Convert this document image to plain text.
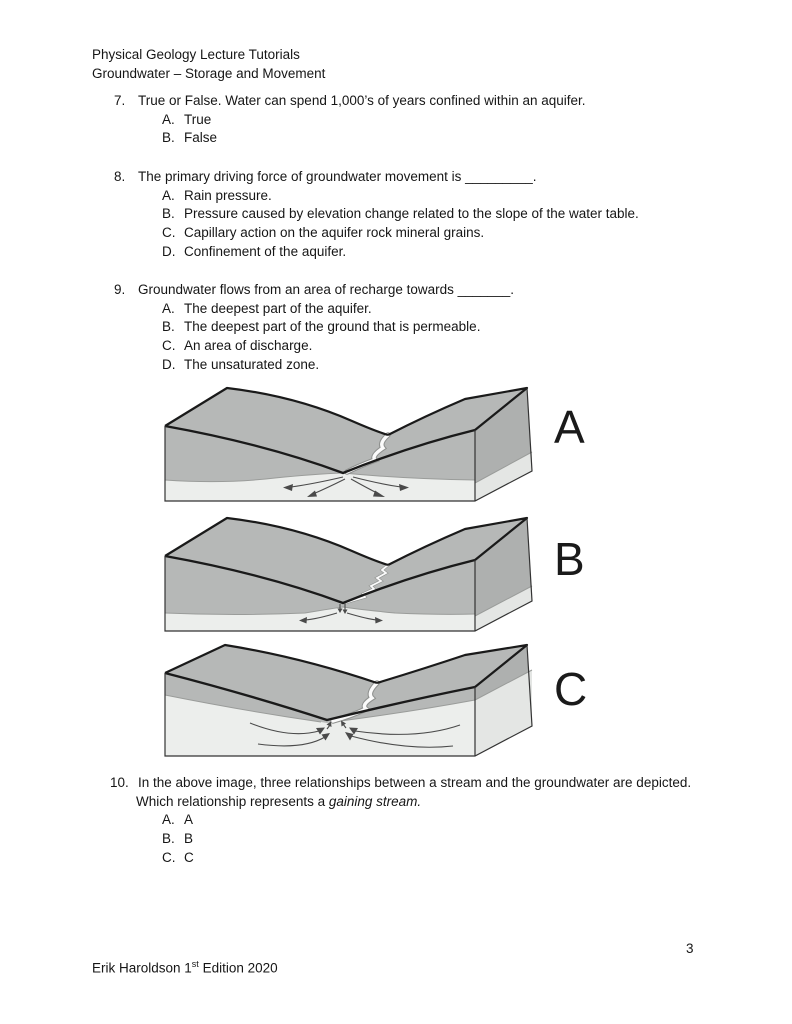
Physical Geology Lecture Tutorials
Groundwater – Storage and Movement
7. True or False. Water can spend 1,000’s of years confined within an aquifer.
A. True
B. False
8. The primary driving force of groundwater movement is _________.
A. Rain pressure.
B. Pressure caused by elevation change related to the slope of the water table.
C. Capillary action on the aquifer rock mineral grains.
D. Confinement of the aquifer.
9. Groundwater flows from an area of recharge towards _______.
A. The deepest part of the aquifer.
B. The deepest part of the ground that is permeable.
C. An area of discharge.
D. The unsaturated zone.
A
B
C
10. In the above image, three relationships between a stream and the groundwater are depicted.
Which relationship represents a gaining stream.
A. A
B. B
C. C
3
Erik Haroldson 1st Edition 2020
